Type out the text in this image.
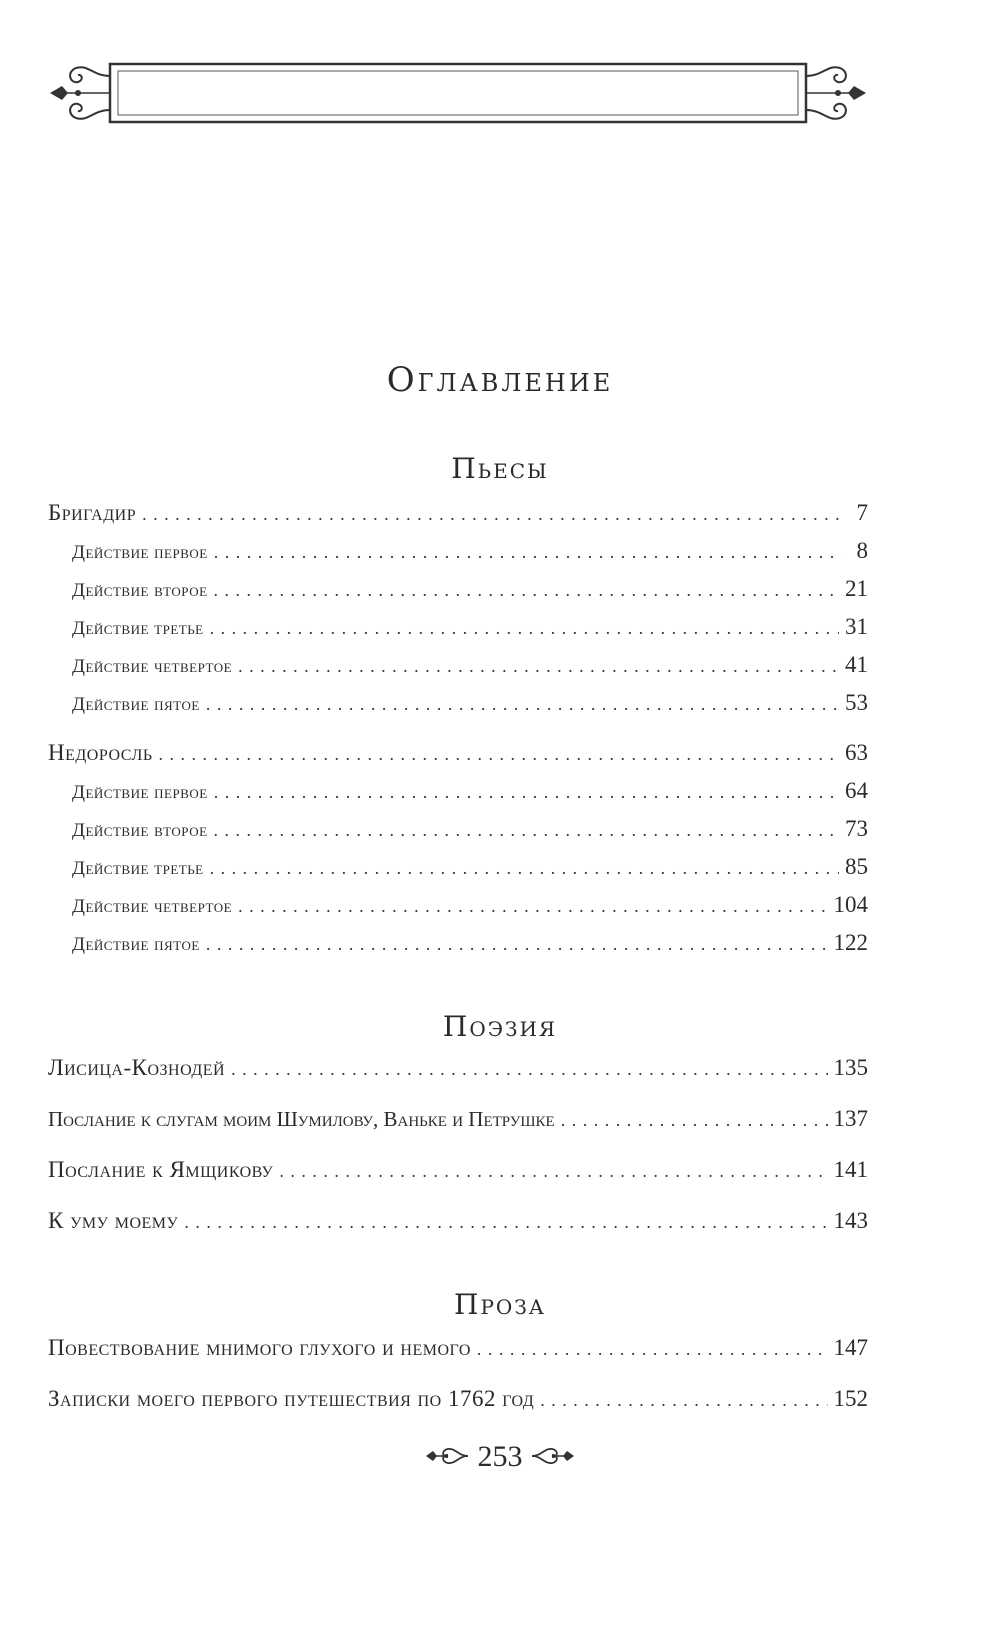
Оглавление
Пьесы
Бригадир . . .	7
Действие первое . . .	8
Действие второе . . .	21
Действие третье . . .	31
Действие четвертое . . .	41
Действие пятое . . .	53
Недоросль . . .	63
Действие первое . . .	64
Действие второе . . .	73
Действие третье . . .	85
Действие четвертое . . .	104
Действие пятое . . .	122
Поэзия
Лисица-Кознодей . . .	135
Послание к слугам моим Шумилову, Ваньке и Петрушке . . .	137
Послание к Ямщикову . . .	141
К уму моему . . .	143
Проза
Повествование мнимого глухого и немого . . .	147
Записки моего первого путешествия по 1762 год . . .	152
253
